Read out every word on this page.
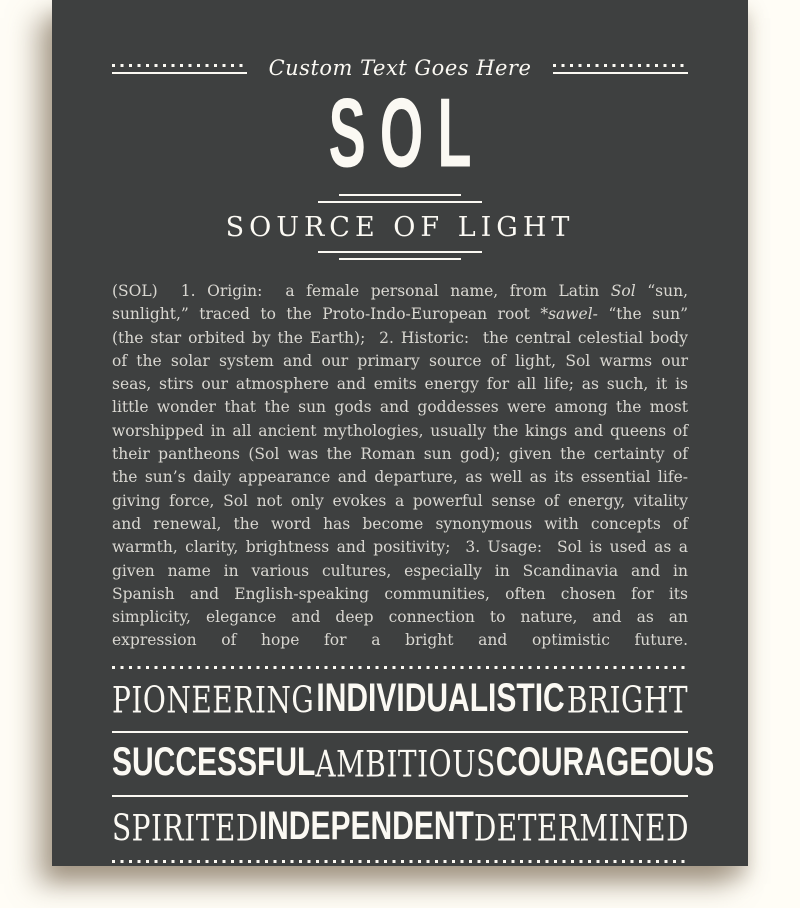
Custom Text Goes Here
SOL
SOURCE OF LIGHT

(SOL)  1. Origin:  a female personal name, from Latin Sol “sun, sunlight,” traced to the Proto-Indo-European root *sawel- “the sun” (the star orbited by the Earth);  2. Historic:  the central celestial body of the solar system and our primary source of light, Sol warms our seas, stirs our atmosphere and emits energy for all life; as such, it is little wonder that the sun gods and goddesses were among the most worshipped in all ancient mythologies, usually the kings and queens of their pantheons (Sol was the Roman sun god); given the certainty of the sun’s daily appearance and departure, as well as its essential life-giving force, Sol not only evokes a powerful sense of energy, vitality and renewal, the word has become synonymous with concepts of warmth, clarity, brightness and positivity;  3. Usage:  Sol is used as a given name in various cultures, especially in Scandinavia and in Spanish and English-speaking communities, often chosen for its simplicity, elegance and deep connection to nature, and as an expression of hope for a bright and optimistic future.

PIONEERING INDIVIDUALISTIC BRIGHT
SUCCESSFUL AMBITIOUS COURAGEOUS
SPIRITED INDEPENDENT DETERMINED
